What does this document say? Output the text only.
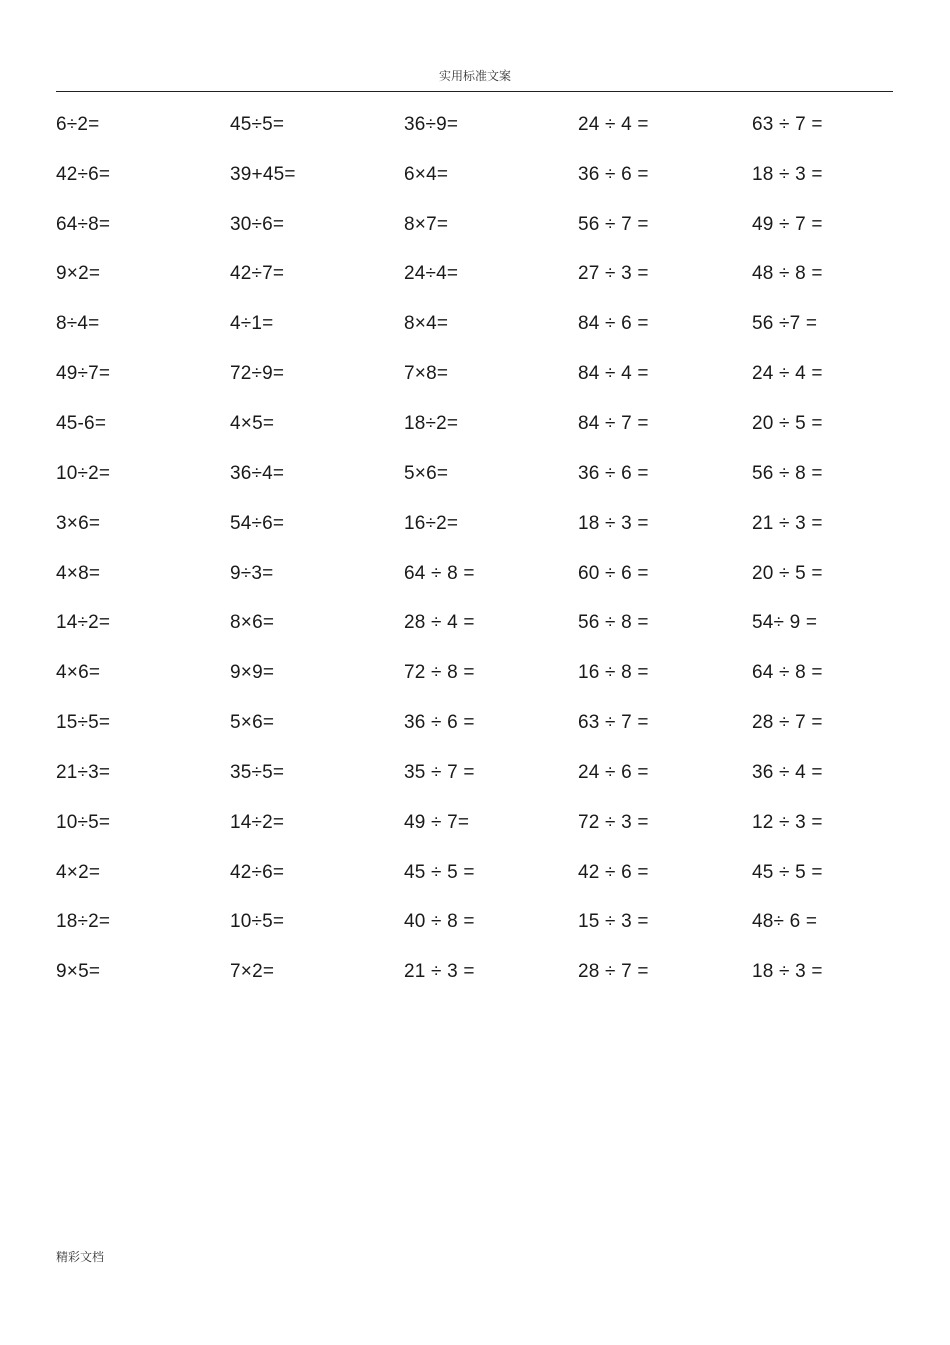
实用标准文案
6÷2=	45÷5=	36÷9=	24 ÷ 4 =	63 ÷ 7 =
42÷6=	39+45=	6×4=	36 ÷ 6 =	18 ÷ 3 =
64÷8=	30÷6=	8×7=	56 ÷ 7 =	49 ÷ 7 =
9×2=	42÷7=	24÷4=	27 ÷ 3 =	48 ÷ 8 =
8÷4=	4÷1=	8×4=	84 ÷ 6 =	56 ÷7 =
49÷7=	72÷9=	7×8=	84 ÷ 4 =	24 ÷ 4 =
45-6=	4×5=	18÷2=	84 ÷ 7 =	20 ÷ 5 =
10÷2=	36÷4=	5×6=	36 ÷ 6 =	56 ÷ 8 =
3×6=	54÷6=	16÷2=	18 ÷ 3 =	21 ÷ 3 =
4×8=	9÷3=	64 ÷ 8 =	60 ÷ 6 =	20 ÷ 5 =
14÷2=	8×6=	28 ÷ 4 =	56 ÷ 8 =	54÷ 9 =
4×6=	9×9=	72 ÷ 8 =	16 ÷ 8 =	64 ÷ 8 =
15÷5=	5×6=	36 ÷ 6 =	63 ÷ 7 =	28 ÷ 7 =
21÷3=	35÷5=	35 ÷ 7 =	24 ÷ 6 =	36 ÷ 4 =
10÷5=	14÷2=	49 ÷ 7=	72 ÷ 3 =	12 ÷ 3 =
4×2=	42÷6=	45 ÷ 5 =	42 ÷ 6 =	45 ÷ 5 =
18÷2=	10÷5=	40 ÷ 8 =	15 ÷ 3 =	48÷ 6 =
9×5=	7×2=	21 ÷ 3 =	28 ÷ 7 =	18 ÷ 3 =
精彩文档
